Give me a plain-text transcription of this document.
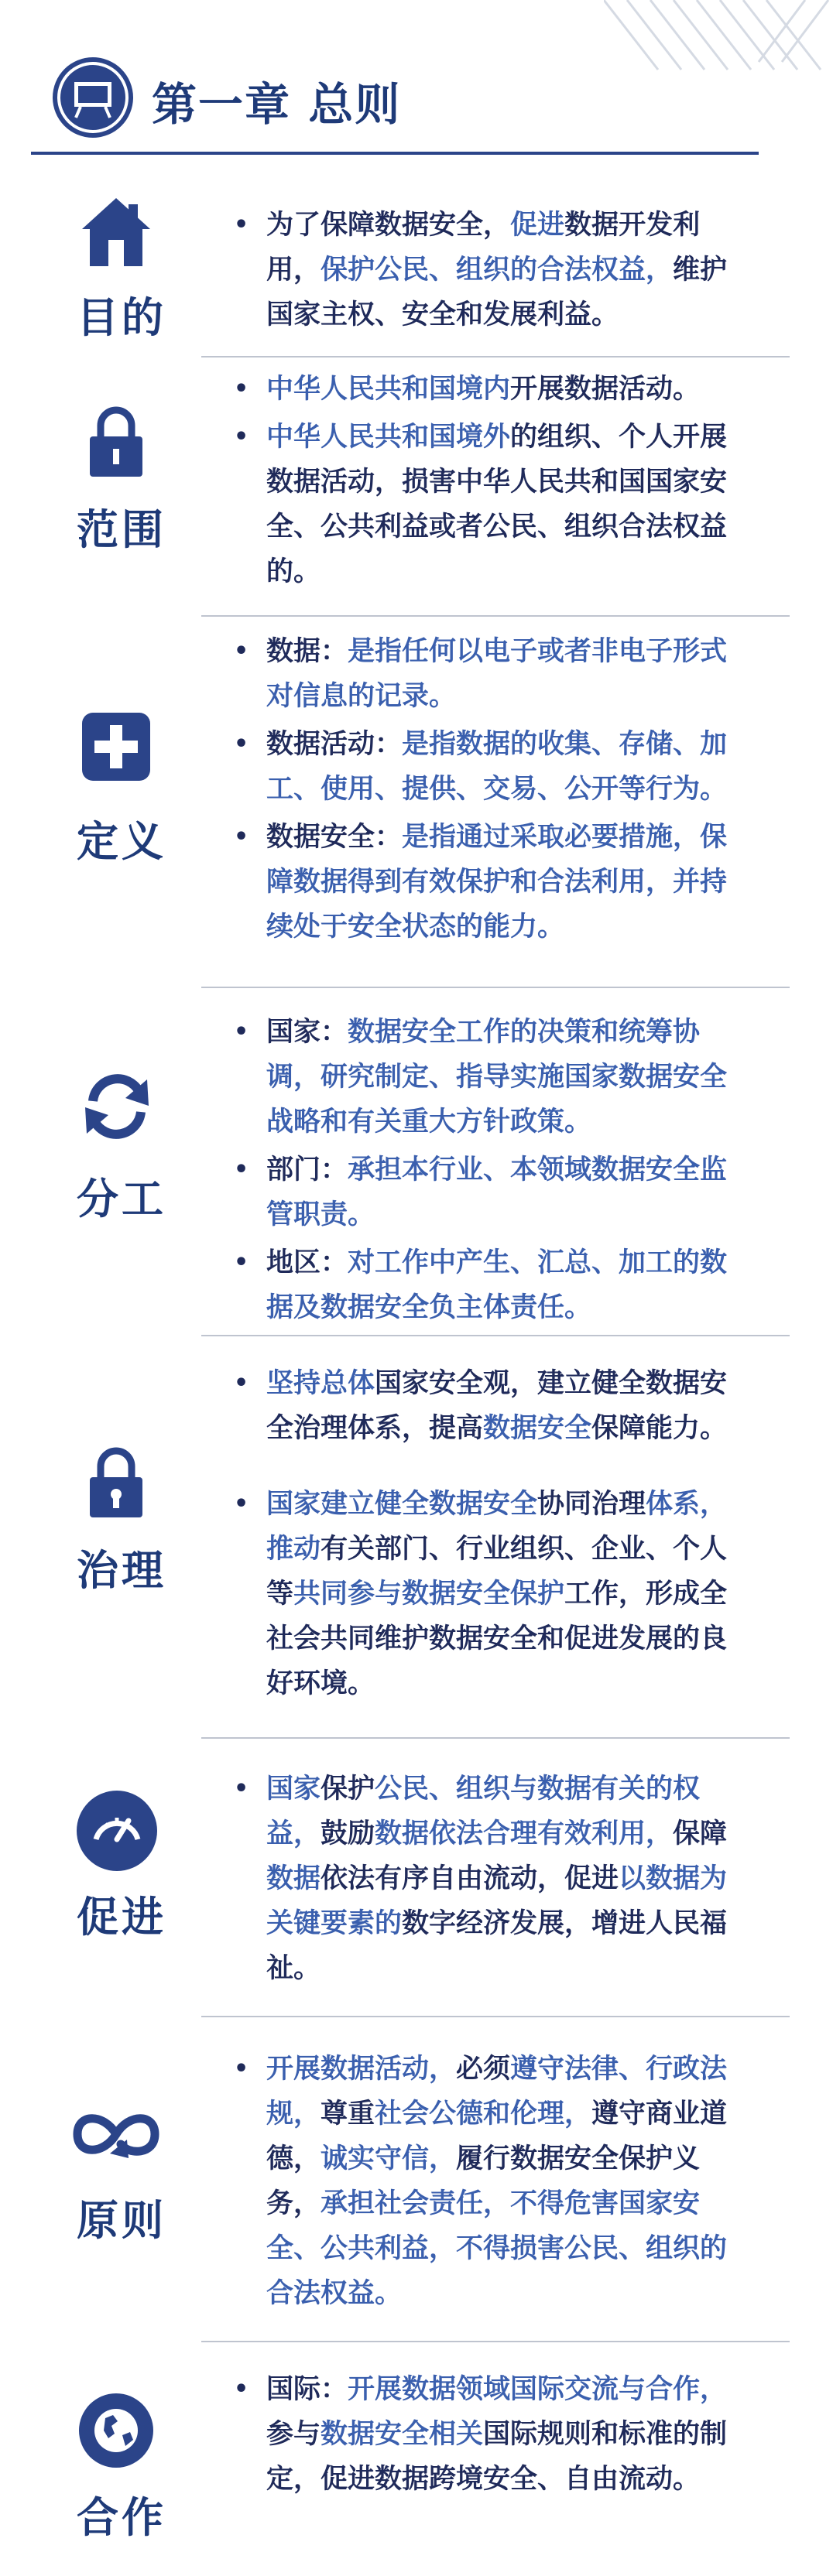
第一章 总则
目的
• 为了保障数据安全，促进数据开发利用，保护公民、组织的合法权益，维护国家主权、安全和发展利益。
范围
• 中华人民共和国境内开展数据活动。
• 中华人民共和国境外的组织、个人开展数据活动，损害中华人民共和国国家安全、公共利益或者公民、组织合法权益的。
定义
• 数据：是指任何以电子或者非电子形式对信息的记录。
• 数据活动：是指数据的收集、存储、加工、使用、提供、交易、公开等行为。
• 数据安全：是指通过采取必要措施，保障数据得到有效保护和合法利用，并持续处于安全状态的能力。
分工
• 国家：数据安全工作的决策和统筹协调，研究制定、指导实施国家数据安全战略和有关重大方针政策。
• 部门：承担本行业、本领域数据安全监管职责。
• 地区：对工作中产生、汇总、加工的数据及数据安全负主体责任。
治理
• 坚持总体国家安全观，建立健全数据安全治理体系，提高数据安全保障能力。
• 国家建立健全数据安全协同治理体系，推动有关部门、行业组织、企业、个人等共同参与数据安全保护工作，形成全社会共同维护数据安全和促进发展的良好环境。
促进
• 国家保护公民、组织与数据有关的权益，鼓励数据依法合理有效利用，保障数据依法有序自由流动，促进以数据为关键要素的数字经济发展，增进人民福祉。
原则
• 开展数据活动，必须遵守法律、行政法规，尊重社会公德和伦理，遵守商业道德，诚实守信，履行数据安全保护义务，承担社会责任，不得危害国家安全、公共利益，不得损害公民、组织的合法权益。
合作
• 国际：开展数据领域国际交流与合作，参与数据安全相关国际规则和标准的制定，促进数据跨境安全、自由流动。
